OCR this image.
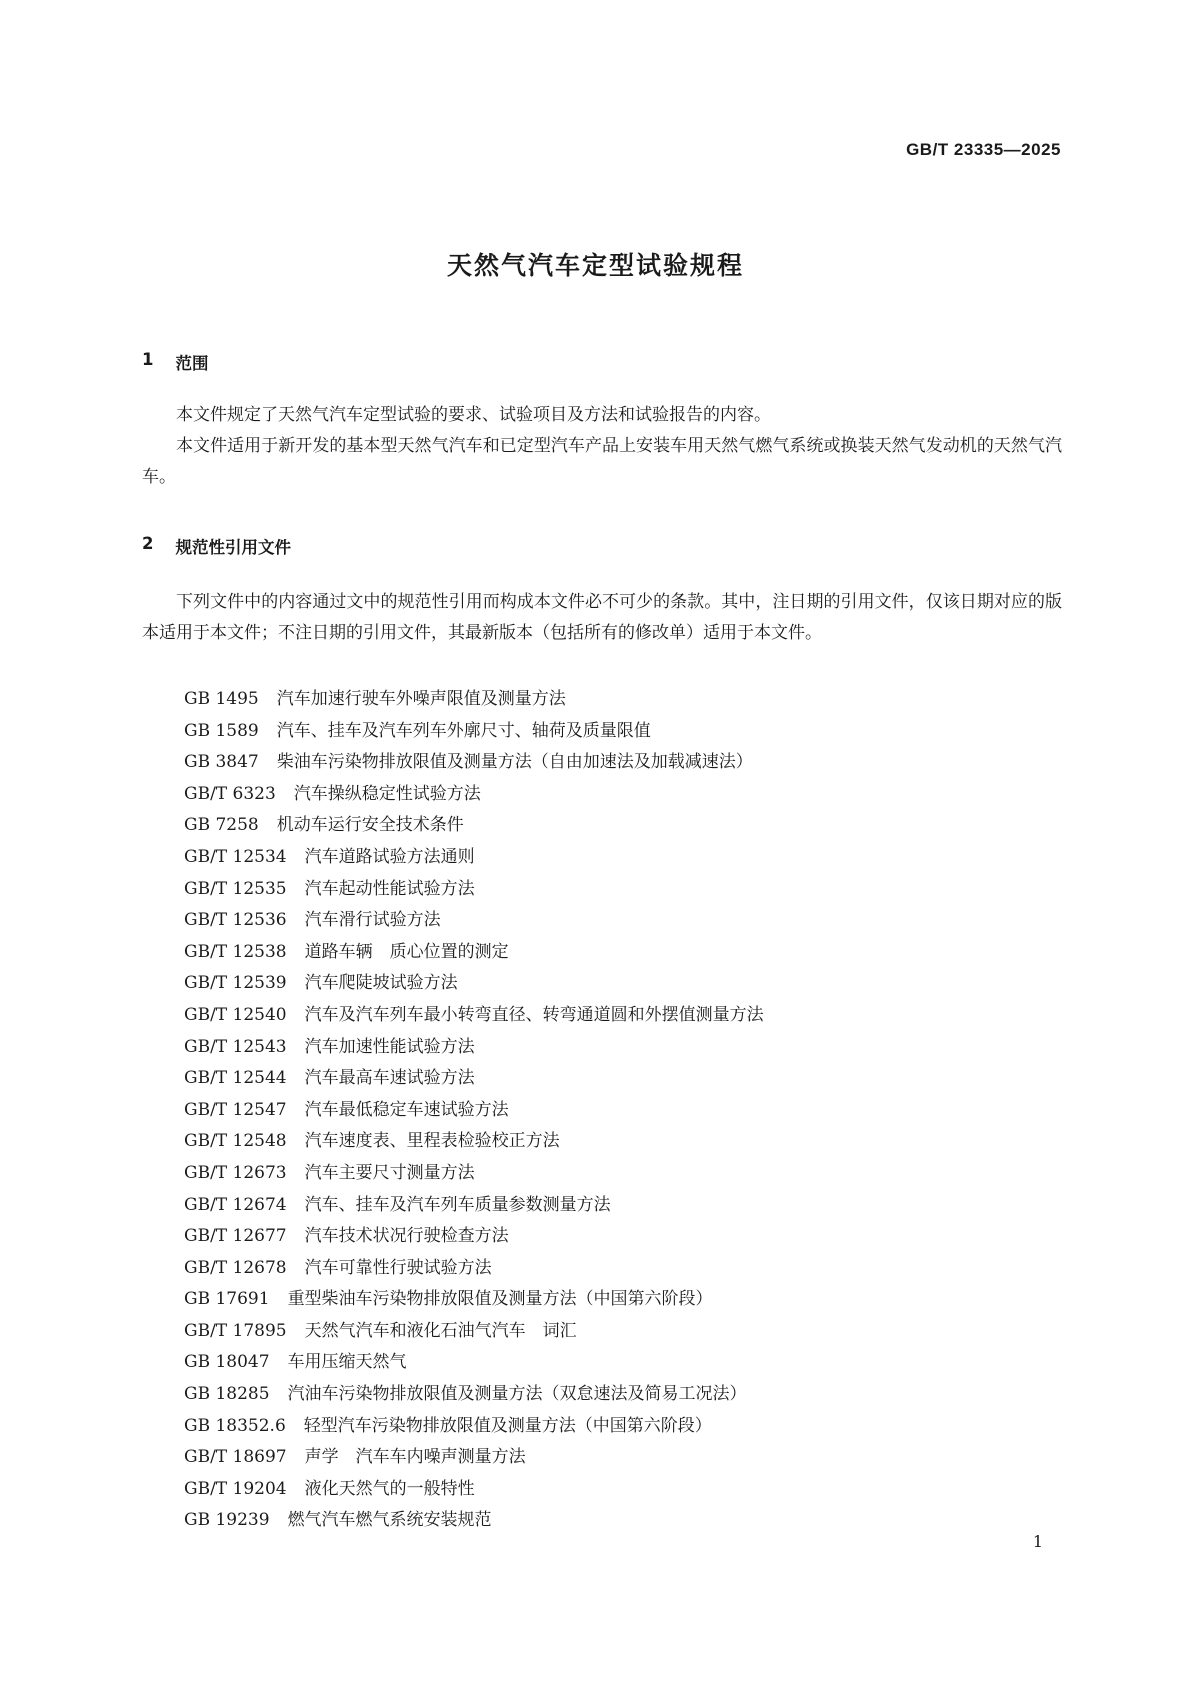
GB/T 23335—2025
天然气汽车定型试验规程
1 范围

本文件规定了天然气汽车定型试验的要求、试验项目及方法和试验报告的内容。

本文件适用于新开发的基本型天然气汽车和已定型汽车产品上安装车用天然气燃气系统或换装天然气发动机的天然气汽车。

2 规范性引用文件

下列文件中的内容通过文中的规范性引用而构成本文件必不可少的条款。其中，注日期的引用文件，仅该日期对应的版本适用于本文件；不注日期的引用文件，其最新版本（包括所有的修改单）适用于本文件。

GB 1495 汽车加速行驶车外噪声限值及测量方法
GB 1589 汽车、挂车及汽车列车外廓尺寸、轴荷及质量限值
GB 3847 柴油车污染物排放限值及测量方法（自由加速法及加载减速法）
GB/T 6323 汽车操纵稳定性试验方法
GB 7258 机动车运行安全技术条件
GB/T 12534 汽车道路试验方法通则
GB/T 12535 汽车起动性能试验方法
GB/T 12536 汽车滑行试验方法
GB/T 12538 道路车辆　质心位置的测定
GB/T 12539 汽车爬陡坡试验方法
GB/T 12540 汽车及汽车列车最小转弯直径、转弯通道圆和外摆值测量方法
GB/T 12543 汽车加速性能试验方法
GB/T 12544 汽车最高车速试验方法
GB/T 12547 汽车最低稳定车速试验方法
GB/T 12548 汽车速度表、里程表检验校正方法
GB/T 12673 汽车主要尺寸测量方法
GB/T 12674 汽车、挂车及汽车列车质量参数测量方法
GB/T 12677 汽车技术状况行驶检查方法
GB/T 12678 汽车可靠性行驶试验方法
GB 17691 重型柴油车污染物排放限值及测量方法（中国第六阶段）
GB/T 17895 天然气汽车和液化石油气汽车　词汇
GB 18047 车用压缩天然气
GB 18285 汽油车污染物排放限值及测量方法（双怠速法及简易工况法）
GB 18352.6 轻型汽车污染物排放限值及测量方法（中国第六阶段）
GB/T 18697 声学　汽车车内噪声测量方法
GB/T 19204 液化天然气的一般特性
GB 19239 燃气汽车燃气系统安装规范
1
